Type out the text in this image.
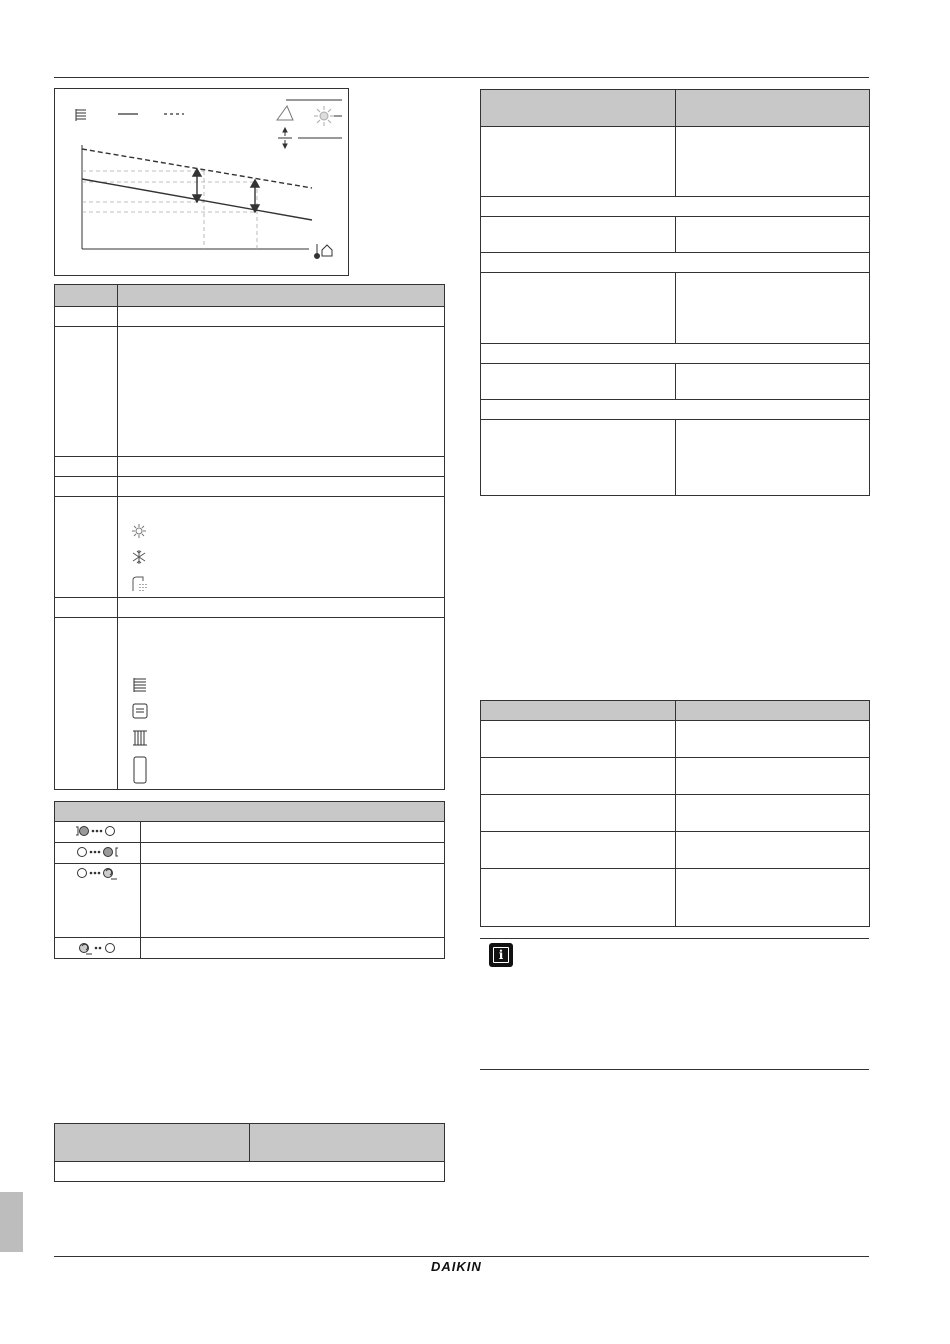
i
DAIKIN
